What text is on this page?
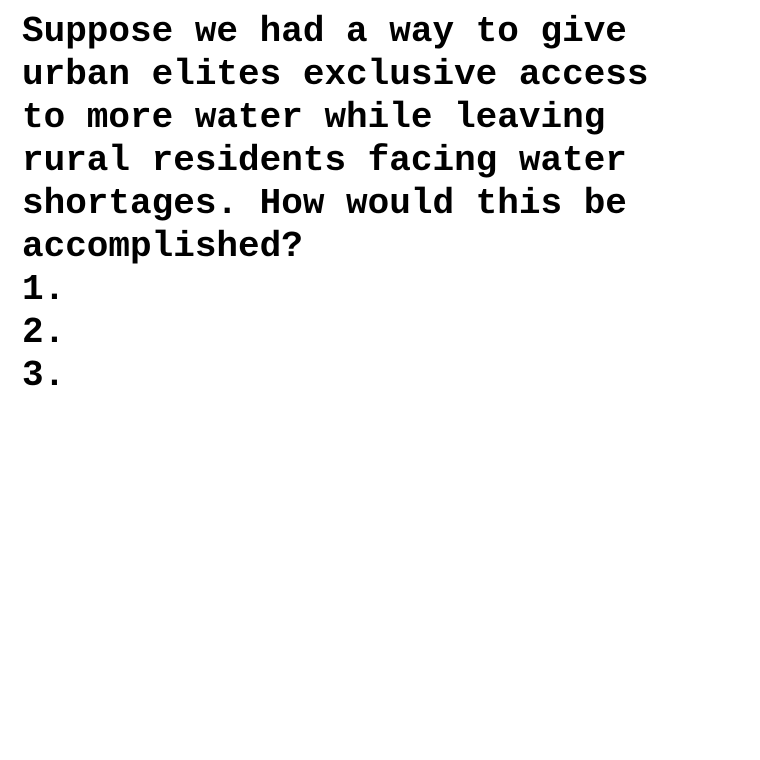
Suppose we had a way to give
urban elites exclusive access
to more water while leaving
rural residents facing water
shortages. How would this be
accomplished?
1.
2.
3.
